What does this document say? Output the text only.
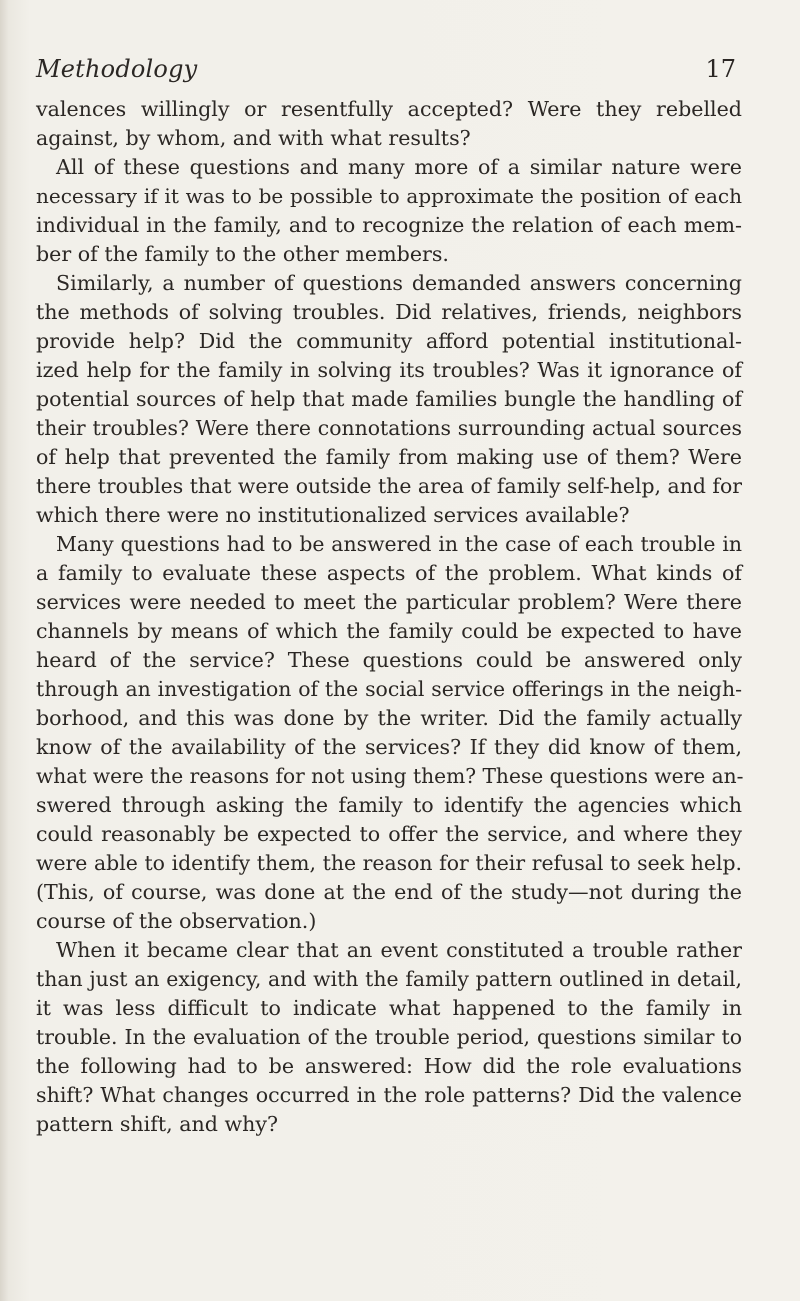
Methodology	17
valences willingly or resentfully accepted? Were they rebelled
against, by whom, and with what results?
All of these questions and many more of a similar nature were
necessary if it was to be possible to approximate the position of each
individual in the family, and to recognize the relation of each mem-
ber of the family to the other members.
Similarly, a number of questions demanded answers concerning
the methods of solving troubles. Did relatives, friends, neighbors
provide help? Did the community afford potential institutional-
ized help for the family in solving its troubles? Was it ignorance of
potential sources of help that made families bungle the handling of
their troubles? Were there connotations surrounding actual sources
of help that prevented the family from making use of them? Were
there troubles that were outside the area of family self-help, and for
which there were no institutionalized services available?
Many questions had to be answered in the case of each trouble in
a family to evaluate these aspects of the problem. What kinds of
services were needed to meet the particular problem? Were there
channels by means of which the family could be expected to have
heard of the service? These questions could be answered only
through an investigation of the social service offerings in the neigh-
borhood, and this was done by the writer. Did the family actually
know of the availability of the services? If they did know of them,
what were the reasons for not using them? These questions were an-
swered through asking the family to identify the agencies which
could reasonably be expected to offer the service, and where they
were able to identify them, the reason for their refusal to seek help.
(This, of course, was done at the end of the study—not during the
course of the observation.)
When it became clear that an event constituted a trouble rather
than just an exigency, and with the family pattern outlined in detail,
it was less difficult to indicate what happened to the family in
trouble. In the evaluation of the trouble period, questions similar to
the following had to be answered: How did the role evaluations
shift? What changes occurred in the role patterns? Did the valence
pattern shift, and why?
